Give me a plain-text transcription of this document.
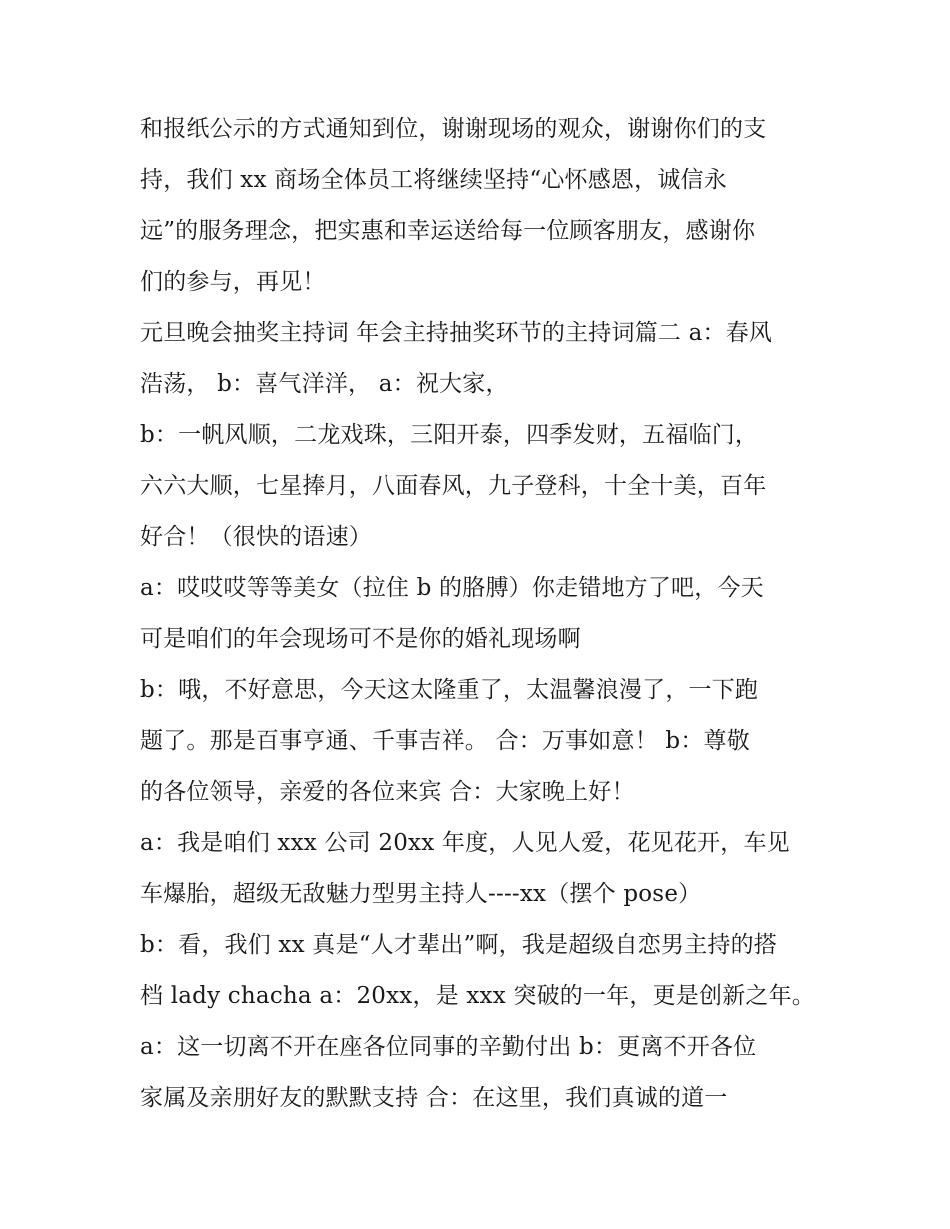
和报纸公示的方式通知到位，谢谢现场的观众，谢谢你们的支
持，我们 xx 商场全体员工将继续坚持“心怀感恩，诚信永
远”的服务理念，把实惠和幸运送给每一位顾客朋友，感谢你
们的参与，再见！
元旦晚会抽奖主持词 年会主持抽奖环节的主持词篇二 a：春风
浩荡， b：喜气洋洋， a：祝大家，
b：一帆风顺，二龙戏珠，三阳开泰，四季发财，五福临门，
六六大顺，七星捧月，八面春风，九子登科，十全十美，百年
好合！（很快的语速）
a：哎哎哎等等美女（拉住 b 的胳膊）你走错地方了吧，今天
可是咱们的年会现场可不是你的婚礼现场啊
b：哦，不好意思，今天这太隆重了，太温馨浪漫了，一下跑
题了。那是百事亨通、千事吉祥。 合：万事如意！ b：尊敬
的各位领导，亲爱的各位来宾 合：大家晚上好！
a：我是咱们 xxx 公司 20xx 年度，人见人爱，花见花开，车见
车爆胎，超级无敌魅力型男主持人----xx（摆个 pose）
b：看，我们 xx 真是“人才辈出”啊，我是超级自恋男主持的搭
档 lady chacha a：20xx，是 xxx 突破的一年，更是创新之年。
a：这一切离不开在座各位同事的辛勤付出 b：更离不开各位
家属及亲朋好友的默默支持 合：在这里，我们真诚的道一
